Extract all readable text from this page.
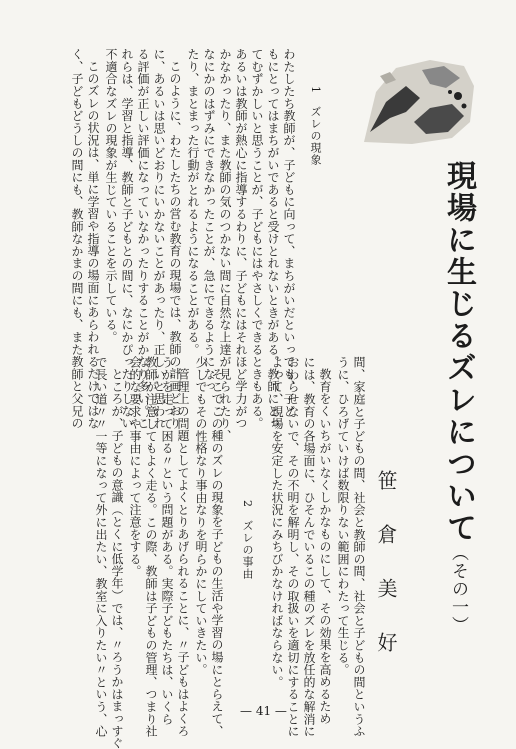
現場に生じるズレについて（その一）
笹倉美好
1　ズレの現象
わたしたち教師が、子どもに向って、まちがいだといっても、子ど
もにとってはまちがいであると受けとれないときがある。教師にとっ
てむずかしいと思うことが、子どもにはやさしくできるときもある。
あるいは教師が熱心に指導するわりに、子どもにはそれほど学力がつ
かなかったり、また教師の気のつかない間に自然な上達が見られたり、
なにかのはずみにできなかったことが、急にできるようになっ
たり、まとまった行動がとれるようになることがある。
このように、わたしたちの営む教育の現場では、教師の計画どおり
に、あるいは思いどおりにいかないことがあったり、正しいと思われ
る評価が正しい評価になっていなかったりすることがかなり多い。こ
れらは、学習と指導、教師と子どもとの間に、なにかぴったりしない
不適合なズレの現象が生じていることを示している。
このズレの状況は、単に学習や指導の場面にあらわれるだけではな
く、子どもどうしの間にも、教師なかまの間にも、また教師と父兄の
間、家庭と子どもの間、社会と教師の間、社会と子どもの間というふ
うに、ひろげていけば数限りない範囲にわたって生じる。
教育をくいちがいなくしかなものにして、その効果を高めるため
には、教育の各場面に、ひそんでいるこの種のズレを放任的な解消に
おわらせないで、その不明を解明し、その取扱いを適切にすることに
よって、現場を安定した状況にみちびかなければならない。
2　ズレの事由
そこでこの種のズレの現象を子どもの生活や学習の場にとらえて、
少しでもその性格なり事由なりを明らかにしていきたい。
管理上の問題としてよくとりあげられることに、〃子どもはよくろ
うかを走って困る〃という問題がある。実際子どもたちは、いくら
教師が注意してもよく走る。この際、教師は子どもの管理、つまり社
会的な要求や事由によって注意をする。
ところが、子どもの意識（とくに低学年）では、〃ろうかはまっすぐ
で長い道〃〃一等になって外に出たい、教室に入りたい〃という、心	— 41 —
